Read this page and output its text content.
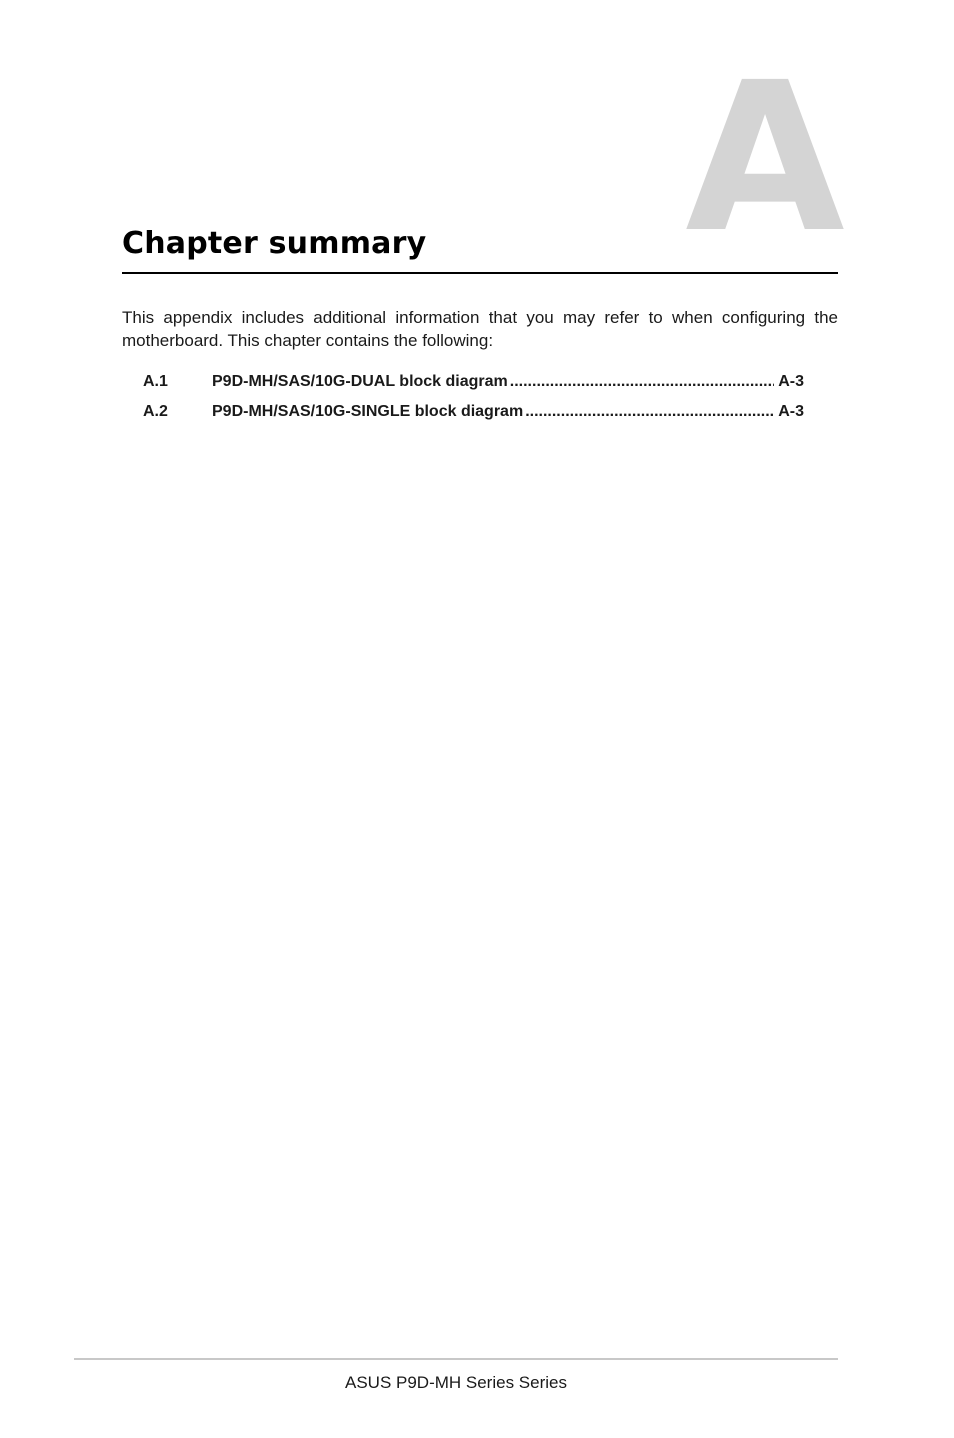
A
Chapter summary

This appendix includes additional information that you may refer to when configuring the motherboard. This chapter contains the following:

A.1	P9D-MH/SAS/10G-DUAL block diagram .....	A-3
A.2	P9D-MH/SAS/10G-SINGLE block diagram .....	A-3
ASUS P9D-MH Series Series
